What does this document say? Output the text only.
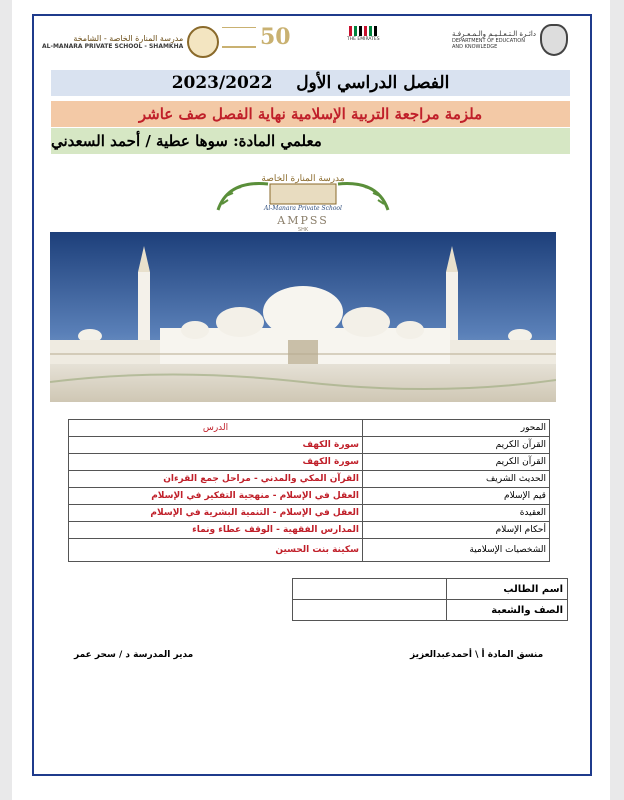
مدرسة المنارة الخاصة - الشامخة
AL-MANARA PRIVATE SCHOOL - SHAMKHA	50	THE EMIRATES
دائـرة الـتـعـلـيـم والـمـعـرفـة
DEPARTMENT OF EDUCATION
AND KNOWLEDGE
الفصل الدراسي الأول    2023/2022
ملزمة مراجعة التربية الإسلامية نهاية الفصل صف عاشر
معلمي المادة: سوها عطية / أحمد السعدني
مدرسة المنارة الخاصة
Al-Manara Private School
AMPSS
SHK
المحور	الدرس
القرآن الكريم	سورة الكهف
القرآن الكريم	سورة الكهف
الحديث الشريف	القرآن المكي والمدني - مراحل جمع القرءان
قيم الإسلام	العقل في الإسلام - منهجية التفكير في الإسلام
العقيدة	العقل في الإسلام - التنمية البشرية في الإسلام
أحكام الإسلام	المدارس الفقهية - الوقف عطاء ونماء
الشخصيات الإسلامية	سكينة بنت الحسين
اسم الطالب	
الصف والشعبة	
منسق المادة أ \ أحمدعبدالعزيز
مدير المدرسة د / سحر عمر
